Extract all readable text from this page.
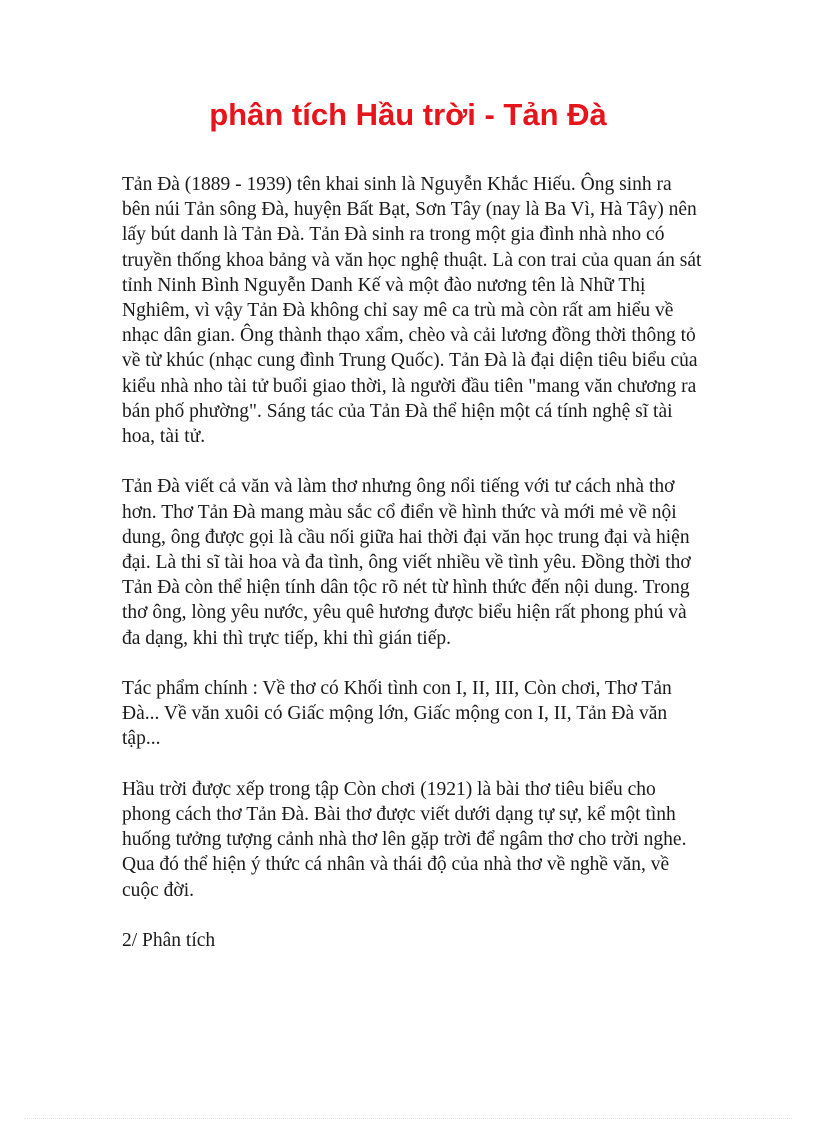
phân tích Hầu trời - Tản Đà

Tản Đà (1889 - 1939) tên khai sinh là Nguyễn Khắc Hiếu. Ông sinh ra bên núi Tản sông Đà, huyện Bất Bạt, Sơn Tây (nay là Ba Vì, Hà Tây) nên lấy bút danh là Tản Đà. Tản Đà sinh ra trong một gia đình nhà nho có truyền thống khoa bảng và văn học nghệ thuật. Là con trai của quan án sát tỉnh Ninh Bình Nguyễn Danh Kế và một đào nương tên là Nhữ Thị Nghiêm, vì vậy Tản Đà không chỉ say mê ca trù mà còn rất am hiểu về nhạc dân gian. Ông thành thạo xẩm, chèo và cải lương đồng thời thông tỏ về từ khúc (nhạc cung đình Trung Quốc). Tản Đà là đại diện tiêu biểu của kiểu nhà nho tài tử buổi giao thời, là người đầu tiên "mang văn chương ra bán phố phường". Sáng tác của Tản Đà thể hiện một cá tính nghệ sĩ tài hoa, tài tử.

Tản Đà viết cả văn và làm thơ nhưng ông nổi tiếng với tư cách nhà thơ hơn. Thơ Tản Đà mang màu sắc cổ điển về hình thức và mới mẻ về nội dung, ông được gọi là cầu nối giữa hai thời đại văn học trung đại và hiện đại. Là thi sĩ tài hoa và đa tình, ông viết nhiều về tình yêu. Đồng thời thơ Tản Đà còn thể hiện tính dân tộc rõ nét từ hình thức đến nội dung. Trong thơ ông, lòng yêu nước, yêu quê hương được biểu hiện rất phong phú và đa dạng, khi thì trực tiếp, khi thì gián tiếp.

Tác phẩm chính : Về thơ có Khối tình con I, II, III, Còn chơi, Thơ Tản Đà... Về văn xuôi có Giấc mộng lớn, Giấc mộng con I, II, Tản Đà văn tập...

Hầu trời được xếp trong tập Còn chơi (1921) là bài thơ tiêu biểu cho phong cách thơ Tản Đà. Bài thơ được viết dưới dạng tự sự, kể một tình huống tưởng tượng cảnh nhà thơ lên gặp trời để ngâm thơ cho trời nghe. Qua đó thể hiện ý thức cá nhân và thái độ của nhà thơ về nghề văn, về cuộc đời.

2/ Phân tích
